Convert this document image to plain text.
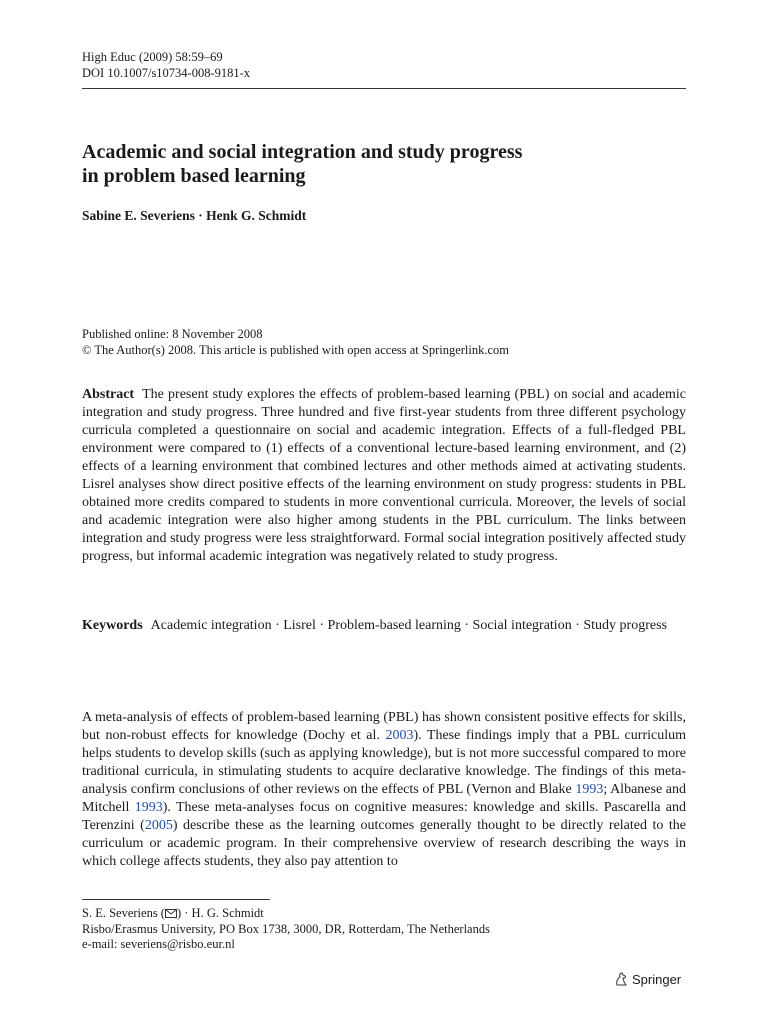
High Educ (2009) 58:59–69
DOI 10.1007/s10734-008-9181-x
Academic and social integration and study progress
in problem based learning
Sabine E. Severiens · Henk G. Schmidt
Published online: 8 November 2008
© The Author(s) 2008. This article is published with open access at Springerlink.com

Abstract The present study explores the effects of problem-based learning (PBL) on social and academic integration and study progress. Three hundred and five first-year students from three different psychology curricula completed a questionnaire on social and academic integration. Effects of a full-fledged PBL environment were compared to (1) effects of a conventional lecture-based learning environment, and (2) effects of a learning environment that combined lectures and other methods aimed at activating students. Lisrel analyses show direct positive effects of the learning environment on study progress: students in PBL obtained more credits compared to students in more conventional curricula. Moreover, the levels of social and academic integration were also higher among students in the PBL curriculum. The links between integration and study progress were less straightforward. Formal social integration positively affected study progress, but informal academic integration was negatively related to study progress.

Keywords Academic integration · Lisrel · Problem-based learning · Social integration · Study progress

A meta-analysis of effects of problem-based learning (PBL) has shown consistent positive effects for skills, but non-robust effects for knowledge (Dochy et al. 2003). These findings imply that a PBL curriculum helps students to develop skills (such as applying knowledge), but is not more successful compared to more traditional curricula, in stimulating students to acquire declarative knowledge. The findings of this meta-analysis confirm conclusions of other reviews on the effects of PBL (Vernon and Blake 1993; Albanese and Mitchell 1993). These meta-analyses focus on cognitive measures: knowledge and skills. Pascarella and Terenzini (2005) describe these as the learning outcomes generally thought to be directly related to the curriculum or academic program. In their comprehensive overview of research describing the ways in which college affects students, they also pay attention to

S. E. Severiens ( ) · H. G. Schmidt
Risbo/Erasmus University, PO Box 1738, 3000, DR, Rotterdam, The Netherlands
e-mail: severiens@risbo.eur.nl
Springer
